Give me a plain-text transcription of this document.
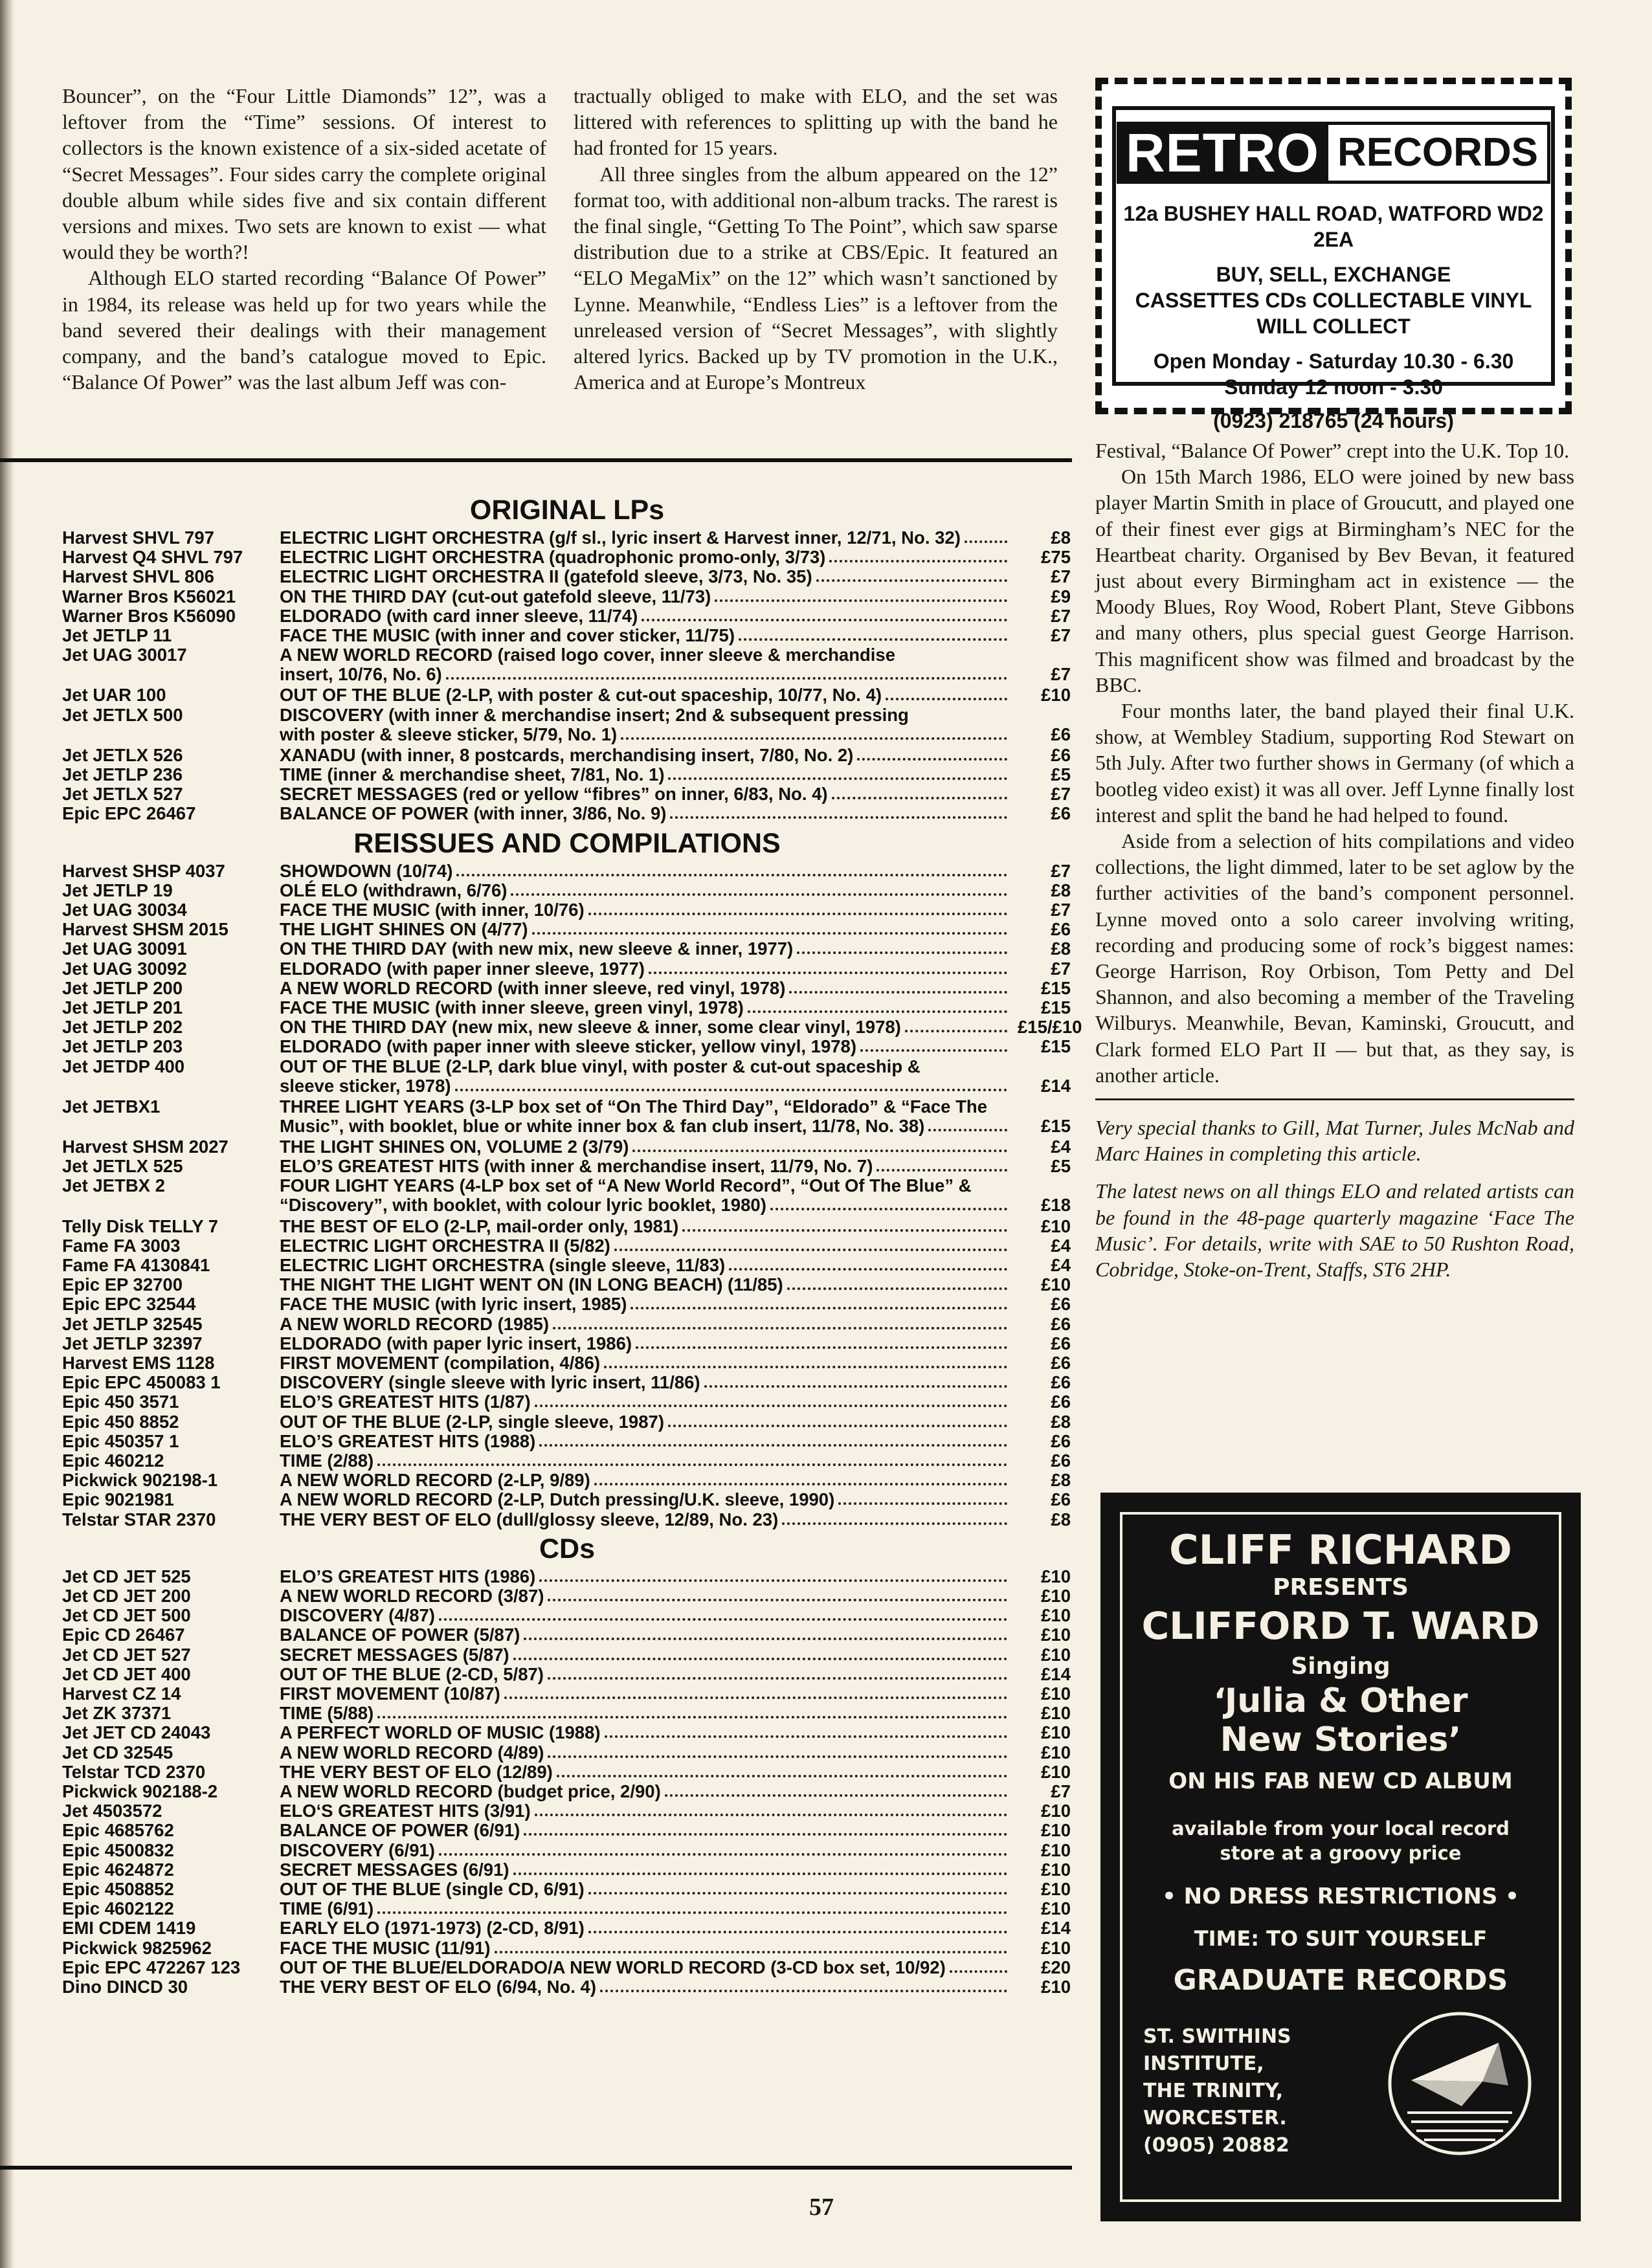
Bouncer”, on the “Four Little Diamonds” 12”, was a leftover from the “Time” sessions. Of interest to collectors is the known existence of a six-sided acetate of “Secret Messages”. Four sides carry the complete original double album while sides five and six contain different versions and mixes. Two sets are known to exist — what would they be worth?!

Although ELO started recording “Balance Of Power” in 1984, its release was held up for two years while the band severed their dealings with their management company, and the band’s catalogue moved to Epic. “Balance Of Power” was the last album Jeff was con-

tractually obliged to make with ELO, and the set was littered with references to splitting up with the band he had fronted for 15 years.

All three singles from the album appeared on the 12” format too, with additional non-album tracks. The rarest is the final single, “Getting To The Point”, which saw sparse distribution due to a strike at CBS/Epic. It featured an “ELO MegaMix” on the 12” which wasn’t sanctioned by Lynne. Meanwhile, “Endless Lies” is a leftover from the unreleased version of “Secret Messages”, with slightly altered lyrics. Backed up by TV promotion in the U.K., America and at Europe’s Montreux

RETRO RECORDS
12a BUSHEY HALL ROAD, WATFORD WD2 2EA
BUY, SELL, EXCHANGE
CASSETTES CDs COLLECTABLE VINYL
WILL COLLECT
Open Monday - Saturday 10.30 - 6.30
Sunday 12 noon - 3.30
(0923) 218765 (24 hours)

Festival, “Balance Of Power” crept into the U.K. Top 10.

On 15th March 1986, ELO were joined by new bass player Martin Smith in place of Groucutt, and played one of their finest ever gigs at Birmingham’s NEC for the Heartbeat charity. Organised by Bev Bevan, it featured just about every Birmingham act in existence — the Moody Blues, Roy Wood, Robert Plant, Steve Gibbons and many others, plus special guest George Harrison. This magnificent show was filmed and broadcast by the BBC.

Four months later, the band played their final U.K. show, at Wembley Stadium, supporting Rod Stewart on 5th July. After two further shows in Germany (of which a bootleg video exist) it was all over. Jeff Lynne finally lost interest and split the band he had helped to found.

Aside from a selection of hits compilations and video collections, the light dimmed, later to be set aglow by the further activities of the band’s component personnel. Lynne moved onto a solo career involving writing, recording and producing some of rock’s biggest names: George Harrison, Roy Orbison, Tom Petty and Del Shannon, and also becoming a member of the Traveling Wilburys. Meanwhile, Bevan, Kaminski, Groucutt, and Clark formed ELO Part II — but that, as they say, is another article.

Very special thanks to Gill, Mat Turner, Jules McNab and Marc Haines in completing this article.

The latest news on all things ELO and related artists can be found in the 48-page quarterly magazine ‘Face The Music’. For details, write with SAE to 50 Rushton Road, Cobridge, Stoke-on-Trent, Staffs, ST6 2HP.

ORIGINAL LPs
Harvest SHVL 797	ELECTRIC LIGHT ORCHESTRA (g/f sl., lyric insert & Harvest inner, 12/71, No. 32)	£8
Harvest Q4 SHVL 797	ELECTRIC LIGHT ORCHESTRA (quadrophonic promo-only, 3/73)	£75
Harvest SHVL 806	ELECTRIC LIGHT ORCHESTRA II (gatefold sleeve, 3/73, No. 35)	£7
Warner Bros K56021	ON THE THIRD DAY (cut-out gatefold sleeve, 11/73)	£9
Warner Bros K56090	ELDORADO (with card inner sleeve, 11/74)	£7
Jet JETLP 11	FACE THE MUSIC (with inner and cover sticker, 11/75)	£7
Jet UAG 30017	A NEW WORLD RECORD (raised logo cover, inner sleeve & merchandise
insert, 10/76, No. 6)	£7
Jet UAR 100	OUT OF THE BLUE (2-LP, with poster & cut-out spaceship, 10/77, No. 4)	£10
Jet JETLX 500	DISCOVERY (with inner & merchandise insert; 2nd & subsequent pressing
with poster & sleeve sticker, 5/79, No. 1)	£6
Jet JETLX 526	XANADU (with inner, 8 postcards, merchandising insert, 7/80, No. 2)	£6
Jet JETLP 236	TIME (inner & merchandise sheet, 7/81, No. 1)	£5
Jet JETLX 527	SECRET MESSAGES (red or yellow “fibres” on inner, 6/83, No. 4)	£7
Epic EPC 26467	BALANCE OF POWER (with inner, 3/86, No. 9)	£6
REISSUES AND COMPILATIONS
Harvest SHSP 4037	SHOWDOWN (10/74)	£7
Jet JETLP 19	OLÉ ELO (withdrawn, 6/76)	£8
Jet UAG 30034	FACE THE MUSIC (with inner, 10/76)	£7
Harvest SHSM 2015	THE LIGHT SHINES ON (4/77)	£6
Jet UAG 30091	ON THE THIRD DAY (with new mix, new sleeve & inner, 1977)	£8
Jet UAG 30092	ELDORADO (with paper inner sleeve, 1977)	£7
Jet JETLP 200	A NEW WORLD RECORD (with inner sleeve, red vinyl, 1978)	£15
Jet JETLP 201	FACE THE MUSIC (with inner sleeve, green vinyl, 1978)	£15
Jet JETLP 202	ON THE THIRD DAY (new mix, new sleeve & inner, some clear vinyl, 1978)	£15/£10
Jet JETLP 203	ELDORADO (with paper inner with sleeve sticker, yellow vinyl, 1978)	£15
Jet JETDP 400	OUT OF THE BLUE (2-LP, dark blue vinyl, with poster & cut-out spaceship &
sleeve sticker, 1978)	£14
Jet JETBX1	THREE LIGHT YEARS (3-LP box set of “On The Third Day”, “Eldorado” & “Face The
Music”, with booklet, blue or white inner box & fan club insert, 11/78, No. 38)	£15
Harvest SHSM 2027	THE LIGHT SHINES ON, VOLUME 2 (3/79)	£4
Jet JETLX 525	ELO’S GREATEST HITS (with inner & merchandise insert, 11/79, No. 7)	£5
Jet JETBX 2	FOUR LIGHT YEARS (4-LP box set of “A New World Record”, “Out Of The Blue” &
“Discovery”, with booklet, with colour lyric booklet, 1980)	£18
Telly Disk TELLY 7	THE BEST OF ELO (2-LP, mail-order only, 1981)	£10
Fame FA 3003	ELECTRIC LIGHT ORCHESTRA II (5/82)	£4
Fame FA 4130841	ELECTRIC LIGHT ORCHESTRA (single sleeve, 11/83)	£4
Epic EP 32700	THE NIGHT THE LIGHT WENT ON (IN LONG BEACH) (11/85)	£10
Epic EPC 32544	FACE THE MUSIC (with lyric insert, 1985)	£6
Jet JETLP 32545	A NEW WORLD RECORD (1985)	£6
Jet JETLP 32397	ELDORADO (with paper lyric insert, 1986)	£6
Harvest EMS 1128	FIRST MOVEMENT (compilation, 4/86)	£6
Epic EPC 450083 1	DISCOVERY (single sleeve with lyric insert, 11/86)	£6
Epic 450 3571	ELO’S GREATEST HITS (1/87)	£6
Epic 450 8852	OUT OF THE BLUE (2-LP, single sleeve, 1987)	£8
Epic 450357 1	ELO’S GREATEST HITS (1988)	£6
Epic 460212	TIME (2/88)	£6
Pickwick 902198-1	A NEW WORLD RECORD (2-LP, 9/89)	£8
Epic 9021981	A NEW WORLD RECORD (2-LP, Dutch pressing/U.K. sleeve, 1990)	£6
Telstar STAR 2370	THE VERY BEST OF ELO (dull/glossy sleeve, 12/89, No. 23)	£8
CDs
Jet CD JET 525	ELO’S GREATEST HITS (1986)	£10
Jet CD JET 200	A NEW WORLD RECORD (3/87)	£10
Jet CD JET 500	DISCOVERY (4/87)	£10
Epic CD 26467	BALANCE OF POWER (5/87)	£10
Jet CD JET 527	SECRET MESSAGES (5/87)	£10
Jet CD JET 400	OUT OF THE BLUE (2-CD, 5/87)	£14
Harvest CZ 14	FIRST MOVEMENT (10/87)	£10
Jet ZK 37371	TIME (5/88)	£10
Jet JET CD 24043	A PERFECT WORLD OF MUSIC (1988)	£10
Jet CD 32545	A NEW WORLD RECORD (4/89)	£10
Telstar TCD 2370	THE VERY BEST OF ELO (12/89)	£10
Pickwick 902188-2	A NEW WORLD RECORD (budget price, 2/90)	£7
Jet 4503572	ELO‘S GREATEST HITS (3/91)	£10
Epic 4685762	BALANCE OF POWER (6/91)	£10
Epic 4500832	DISCOVERY (6/91)	£10
Epic 4624872	SECRET MESSAGES (6/91)	£10
Epic 4508852	OUT OF THE BLUE (single CD, 6/91)	£10
Epic 4602122	TIME (6/91)	£10
EMI CDEM 1419	EARLY ELO (1971-1973) (2-CD, 8/91)	£14
Pickwick 9825962	FACE THE MUSIC (11/91)	£10
Epic EPC 472267 123	OUT OF THE BLUE/ELDORADO/A NEW WORLD RECORD (3-CD box set, 10/92)	£20
Dino DINCD 30	THE VERY BEST OF ELO (6/94, No. 4)	£10
CLIFF RICHARD
PRESENTS
CLIFFORD T. WARD
Singing
‘Julia & Other
New Stories’
ON HIS FAB NEW CD ALBUM
available from your local record
store at a groovy price
• NO DRESS RESTRICTIONS •
TIME: TO SUIT YOURSELF
GRADUATE RECORDS
ST. SWITHINS
INSTITUTE,
THE TRINITY,
WORCESTER.
(0905) 20882
57
